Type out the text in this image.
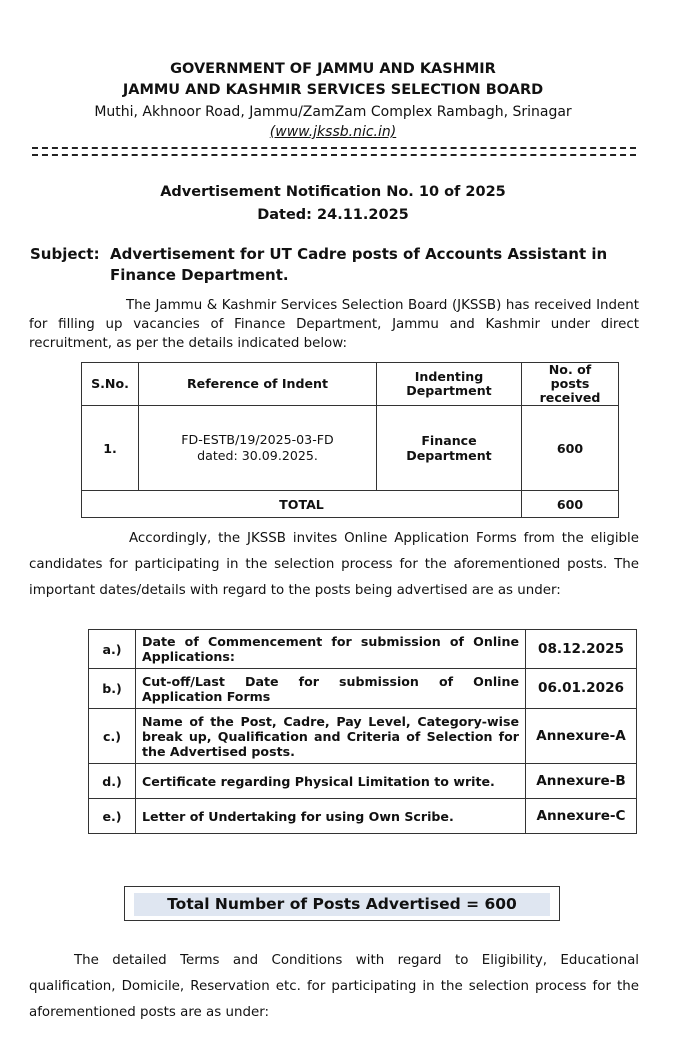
GOVERNMENT OF JAMMU AND KASHMIR
JAMMU AND KASHMIR SERVICES SELECTION BOARD
Muthi, Akhnoor Road, Jammu/ZamZam Complex Rambagh, Srinagar
(www.jkssb.nic.in)
Advertisement Notification No. 10 of 2025
Dated: 24.11.2025
Subject: Advertisement for UT Cadre posts of Accounts Assistant in Finance Department.
The Jammu & Kashmir Services Selection Board (JKSSB) has received Indent for filling up vacancies of Finance Department, Jammu and Kashmir under direct recruitment, as per the details indicated below:
S.No.	Reference of Indent	Indenting Department	No. of posts received
1.	FD-ESTB/19/2025-03-FD dated: 30.09.2025.	Finance Department	600
TOTAL			600
Accordingly, the JKSSB invites Online Application Forms from the eligible candidates for participating in the selection process for the aforementioned posts. The important dates/details with regard to the posts being advertised are as under:
a.)	Date of Commencement for submission of Online Applications:	08.12.2025
b.)	Cut-off/Last Date for submission of Online Application Forms	06.01.2026
c.)	Name of the Post, Cadre, Pay Level, Category-wise break up, Qualification and Criteria of Selection for the Advertised posts.	Annexure-A
d.)	Certificate regarding Physical Limitation to write.	Annexure-B
e.)	Letter of Undertaking for using Own Scribe.	Annexure-C
Total Number of Posts Advertised = 600
The detailed Terms and Conditions with regard to Eligibility, Educational qualification, Domicile, Reservation etc. for participating in the selection process for the aforementioned posts are as under:
